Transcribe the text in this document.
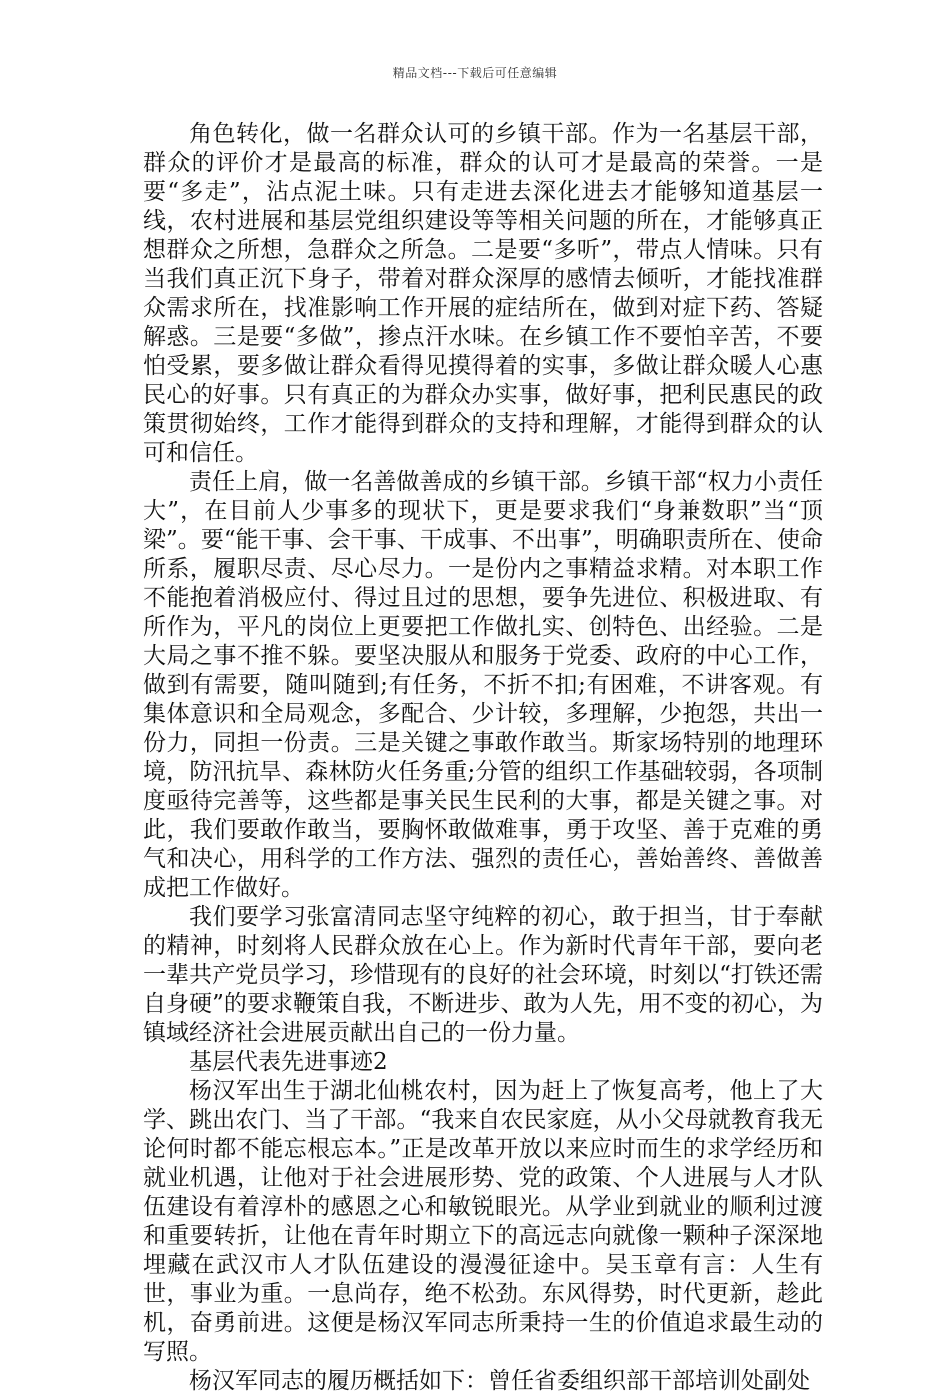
精品文档---下载后可任意编辑

角色转化，做一名群众认可的乡镇干部。作为一名基层干部，群众的评价才是最高的标准，群众的认可才是最高的荣誉。一是要“多走”，沾点泥土味。只有走进去深化进去才能够知道基层一线，农村进展和基层党组织建设等等相关问题的所在，才能够真正想群众之所想，急群众之所急。二是要“多听”，带点人情味。只有当我们真正沉下身子，带着对群众深厚的感情去倾听，才能找准群众需求所在，找准影响工作开展的症结所在，做到对症下药、答疑解惑。三是要“多做”，掺点汗水味。在乡镇工作不要怕辛苦，不要怕受累，要多做让群众看得见摸得着的实事，多做让群众暖人心惠民心的好事。只有真正的为群众办实事，做好事，把利民惠民的政策贯彻始终，工作才能得到群众的支持和理解，才能得到群众的认可和信任。

责任上肩，做一名善做善成的乡镇干部。乡镇干部“权力小责任大”，在目前人少事多的现状下，更是要求我们“身兼数职”当“顶梁”。要“能干事、会干事、干成事、不出事”，明确职责所在、使命所系，履职尽责、尽心尽力。一是份内之事精益求精。对本职工作不能抱着消极应付、得过且过的思想，要争先进位、积极进取、有所作为，平凡的岗位上更要把工作做扎实、创特色、出经验。二是大局之事不推不躲。要坚决服从和服务于党委、政府的中心工作，做到有需要，随叫随到;有任务，不折不扣;有困难，不讲客观。有集体意识和全局观念，多配合、少计较，多理解，少抱怨，共出一份力，同担一份责。三是关键之事敢作敢当。斯家场特别的地理环境，防汛抗旱、森林防火任务重;分管的组织工作基础较弱，各项制度亟待完善等，这些都是事关民生民利的大事，都是关键之事。对此，我们要敢作敢当，要胸怀敢做难事，勇于攻坚、善于克难的勇气和决心，用科学的工作方法、强烈的责任心，善始善终、善做善成把工作做好。

我们要学习张富清同志坚守纯粹的初心，敢于担当，甘于奉献的精神，时刻将人民群众放在心上。作为新时代青年干部，要向老一辈共产党员学习，珍惜现有的良好的社会环境，时刻以“打铁还需自身硬”的要求鞭策自我，不断进步、敢为人先，用不变的初心，为镇域经济社会进展贡献出自己的一份力量。

基层代表先进事迹2

杨汉军出生于湖北仙桃农村，因为赶上了恢复高考，他上了大学、跳出农门、当了干部。“我来自农民家庭，从小父母就教育我无论何时都不能忘根忘本。”正是改革开放以来应时而生的求学经历和就业机遇，让他对于社会进展形势、党的政策、个人进展与人才队伍建设有着淳朴的感恩之心和敏锐眼光。从学业到就业的顺利过渡和重要转折，让他在青年时期立下的高远志向就像一颗种子深深地埋藏在武汉市人才队伍建设的漫漫征途中。吴玉章有言：人生有世，事业为重。一息尚存，绝不松劲。东风得势，时代更新，趁此机，奋勇前进。这便是杨汉军同志所秉持一生的价值追求最生动的写照。

杨汉军同志的履历概括如下：曾任省委组织部干部培训处副处
